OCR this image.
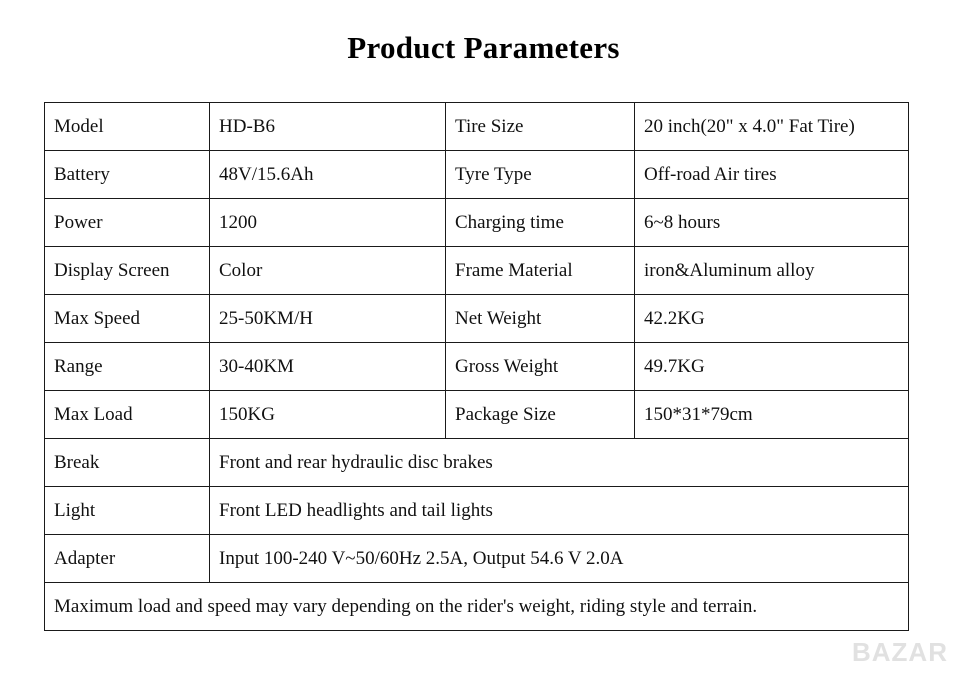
Product Parameters
Model	HD-B6	Tire Size	20 inch(20" x 4.0" Fat Tire)
Battery	48V/15.6Ah	Tyre Type	Off-road Air tires
Power	1200	Charging time	6~8 hours
Display Screen	Color	Frame Material	iron&Aluminum alloy
Max Speed	25-50KM/H	Net Weight	42.2KG
Range	30-40KM	Gross Weight	49.7KG
Max Load	150KG	Package Size	150*31*79cm
Break	Front and rear hydraulic disc brakes		
Light	Front LED headlights and tail lights		
Adapter	Input 100-240 V~50/60Hz 2.5A, Output 54.6 V 2.0A		
Maximum load and speed may vary depending on the rider's weight, riding style and terrain.			
BAZAR
